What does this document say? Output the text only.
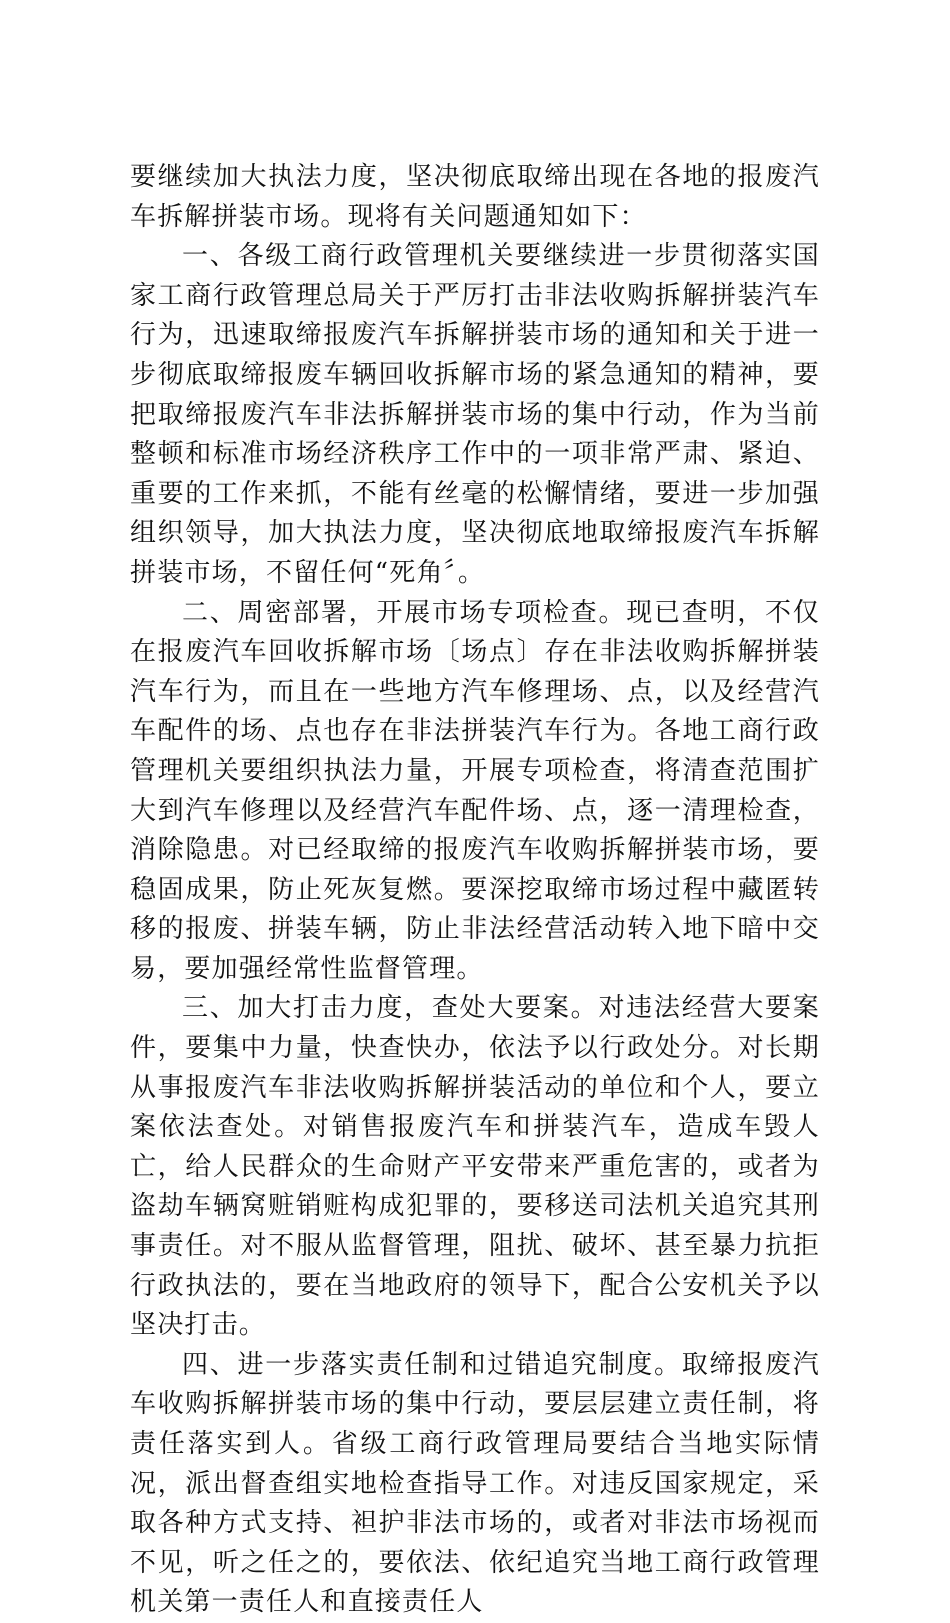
要继续加大执法力度，坚决彻底取缔出现在各地的报废汽车拆解拼装市场。现将有关问题通知如下：

一、各级工商行政管理机关要继续进一步贯彻落实国家工商行政管理总局关于严厉打击非法收购拆解拼装汽车行为，迅速取缔报废汽车拆解拼装市场的通知和关于进一步彻底取缔报废车辆回收拆解市场的紧急通知的精神，要把取缔报废汽车非法拆解拼装市场的集中行动，作为当前整顿和标准市场经济秩序工作中的一项非常严肃、紧迫、重要的工作来抓，不能有丝毫的松懈情绪，要进一步加强组织领导，加大执法力度，坚决彻底地取缔报废汽车拆解拼装市场，不留任何“死角〞。

二、周密部署，开展市场专项检查。现已查明，不仅在报废汽车回收拆解市场〔场点〕存在非法收购拆解拼装汽车行为，而且在一些地方汽车修理场、点，以及经营汽车配件的场、点也存在非法拼装汽车行为。各地工商行政管理机关要组织执法力量，开展专项检查，将清查范围扩大到汽车修理以及经营汽车配件场、点，逐一清理检查，消除隐患。对已经取缔的报废汽车收购拆解拼装市场，要稳固成果，防止死灰复燃。要深挖取缔市场过程中藏匿转移的报废、拼装车辆，防止非法经营活动转入地下暗中交易，要加强经常性监督管理。

三、加大打击力度，查处大要案。对违法经营大要案件，要集中力量，快查快办，依法予以行政处分。对长期从事报废汽车非法收购拆解拼装活动的单位和个人，要立案依法查处。对销售报废汽车和拼装汽车，造成车毁人亡，给人民群众的生命财产平安带来严重危害的，或者为盗劫车辆窝赃销赃构成犯罪的，要移送司法机关追究其刑事责任。对不服从监督管理，阻扰、破坏、甚至暴力抗拒行政执法的，要在当地政府的领导下，配合公安机关予以坚决打击。

四、进一步落实责任制和过错追究制度。取缔报废汽车收购拆解拼装市场的集中行动，要层层建立责任制，将责任落实到人。省级工商行政管理局要结合当地实际情况，派出督查组实地检查指导工作。对违反国家规定，采取各种方式支持、袒护非法市场的，或者对非法市场视而不见，听之任之的，要依法、依纪追究当地工商行政管理机关第一责任人和直接责任人
